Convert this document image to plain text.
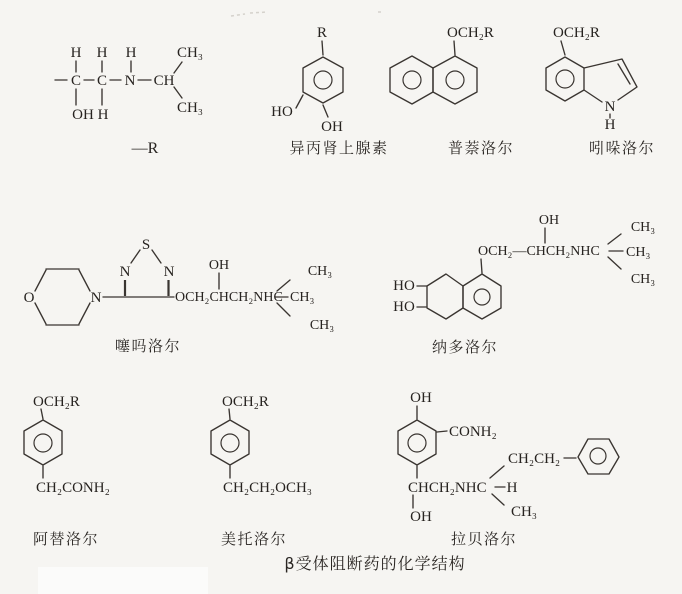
H H H
C C N CH
CH₃
CH₃
OH H
—R
R
HO
OH
异丙肾上腺素
OCH₂R
普萘洛尔
OCH₂R
N
H
吲哚洛尔
O	N
S
N N
OCH₂CHCH₂NHC
OH	CH₃
CH₃
CH₃
噻吗洛尔
HO
HO
OCH₂—CHCH₂NHC
OH	CH₃
CH₃
CH₃
纳多洛尔
OCH₂R
CH₂CONH₂
阿替洛尔
OCH₂R
CH₂CH₂OCH₃
美托洛尔
OH
CONH₂
CHCH₂NHC H
OH
CH₂CH₂
CH₃
拉贝洛尔
β受体阻断药的化学结构
